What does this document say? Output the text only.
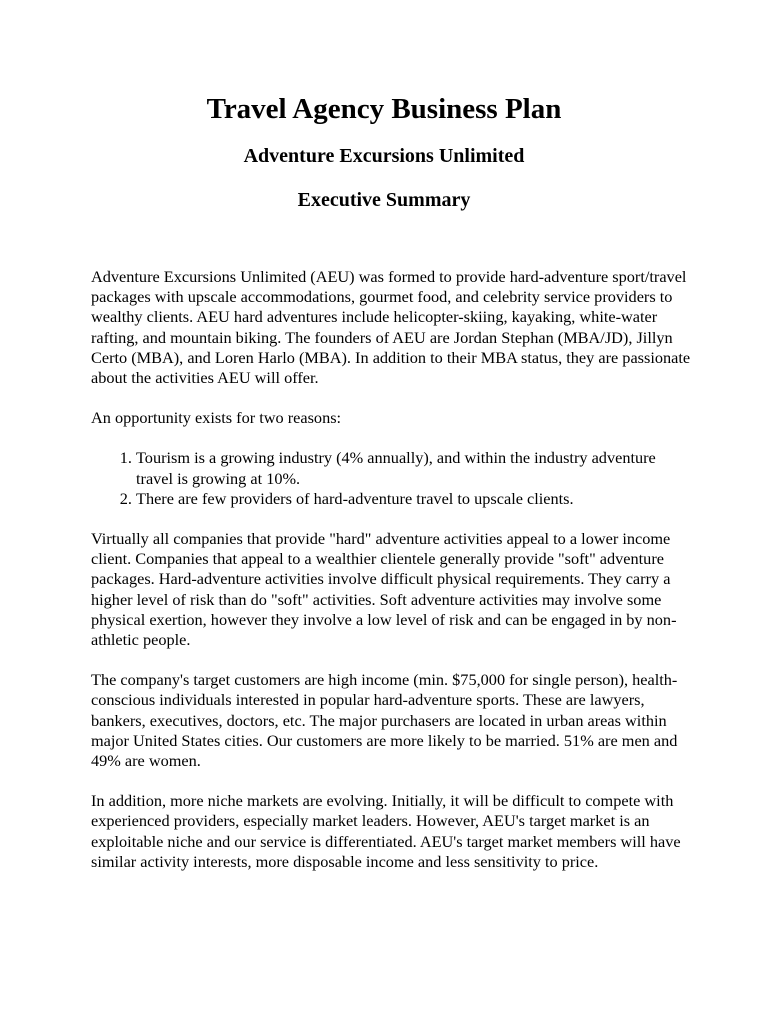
Travel Agency Business Plan
Adventure Excursions Unlimited
Executive Summary

Adventure Excursions Unlimited (AEU) was formed to provide hard-adventure sport/travel packages with upscale accommodations, gourmet food, and celebrity service providers to wealthy clients. AEU hard adventures include helicopter-skiing, kayaking, white-water rafting, and mountain biking. The founders of AEU are Jordan Stephan (MBA/JD), Jillyn Certo (MBA), and Loren Harlo (MBA). In addition to their MBA status, they are passionate about the activities AEU will offer.

An opportunity exists for two reasons:

1. Tourism is a growing industry (4% annually), and within the industry adventure travel is growing at 10%.
2. There are few providers of hard-adventure travel to upscale clients.

Virtually all companies that provide "hard" adventure activities appeal to a lower income client. Companies that appeal to a wealthier clientele generally provide "soft" adventure packages. Hard-adventure activities involve difficult physical requirements. They carry a higher level of risk than do "soft" activities. Soft adventure activities may involve some physical exertion, however they involve a low level of risk and can be engaged in by non-athletic people.

The company's target customers are high income (min. $75,000 for single person), health-conscious individuals interested in popular hard-adventure sports. These are lawyers, bankers, executives, doctors, etc. The major purchasers are located in urban areas within major United States cities. Our customers are more likely to be married. 51% are men and 49% are women.

In addition, more niche markets are evolving. Initially, it will be difficult to compete with experienced providers, especially market leaders. However, AEU's target market is an exploitable niche and our service is differentiated. AEU's target market members will have similar activity interests, more disposable income and less sensitivity to price.
